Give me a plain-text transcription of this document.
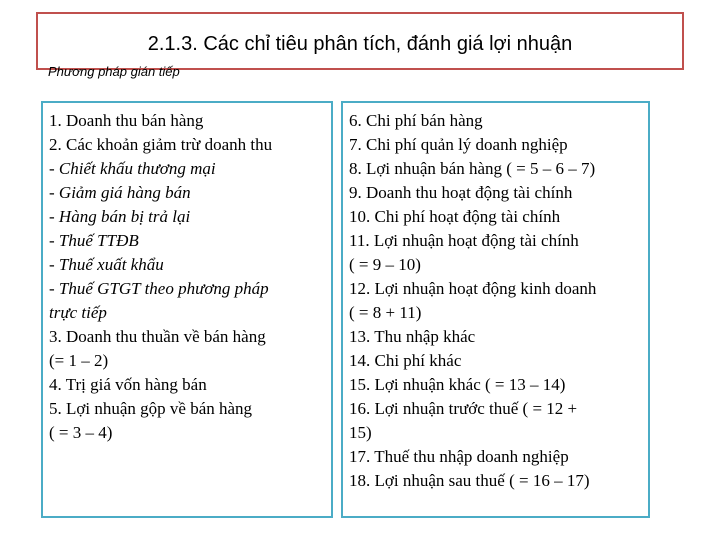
2.1.3. Các chỉ tiêu phân tích, đánh giá lợi nhuận
Phương pháp gián tiếp
1. Doanh thu bán hàng
2. Các khoản giảm trừ doanh thu
- Chiết khấu thương mại
- Giảm giá hàng bán
- Hàng bán bị trả lại
- Thuế TTĐB
- Thuế xuất khẩu
- Thuế GTGT theo phương pháp
trực tiếp
3. Doanh thu thuần về bán hàng
(= 1 – 2)
4. Trị giá vốn hàng bán
5. Lợi nhuận gộp về bán hàng
( = 3 – 4)
6. Chi phí bán hàng
7. Chi phí quản lý doanh nghiệp
8. Lợi nhuận bán hàng ( = 5 – 6 – 7)
9. Doanh thu hoạt động tài chính
10. Chi phí hoạt động tài chính
11. Lợi nhuận hoạt động tài chính
( = 9 – 10)
12. Lợi nhuận hoạt động kinh doanh
( = 8 + 11)
13. Thu nhập khác
14. Chi phí khác
15. Lợi nhuận khác ( = 13 – 14)
16. Lợi nhuận trước thuế ( = 12 +
15)
17. Thuế thu nhập doanh nghiệp
18. Lợi nhuận sau thuế ( = 16 – 17)
